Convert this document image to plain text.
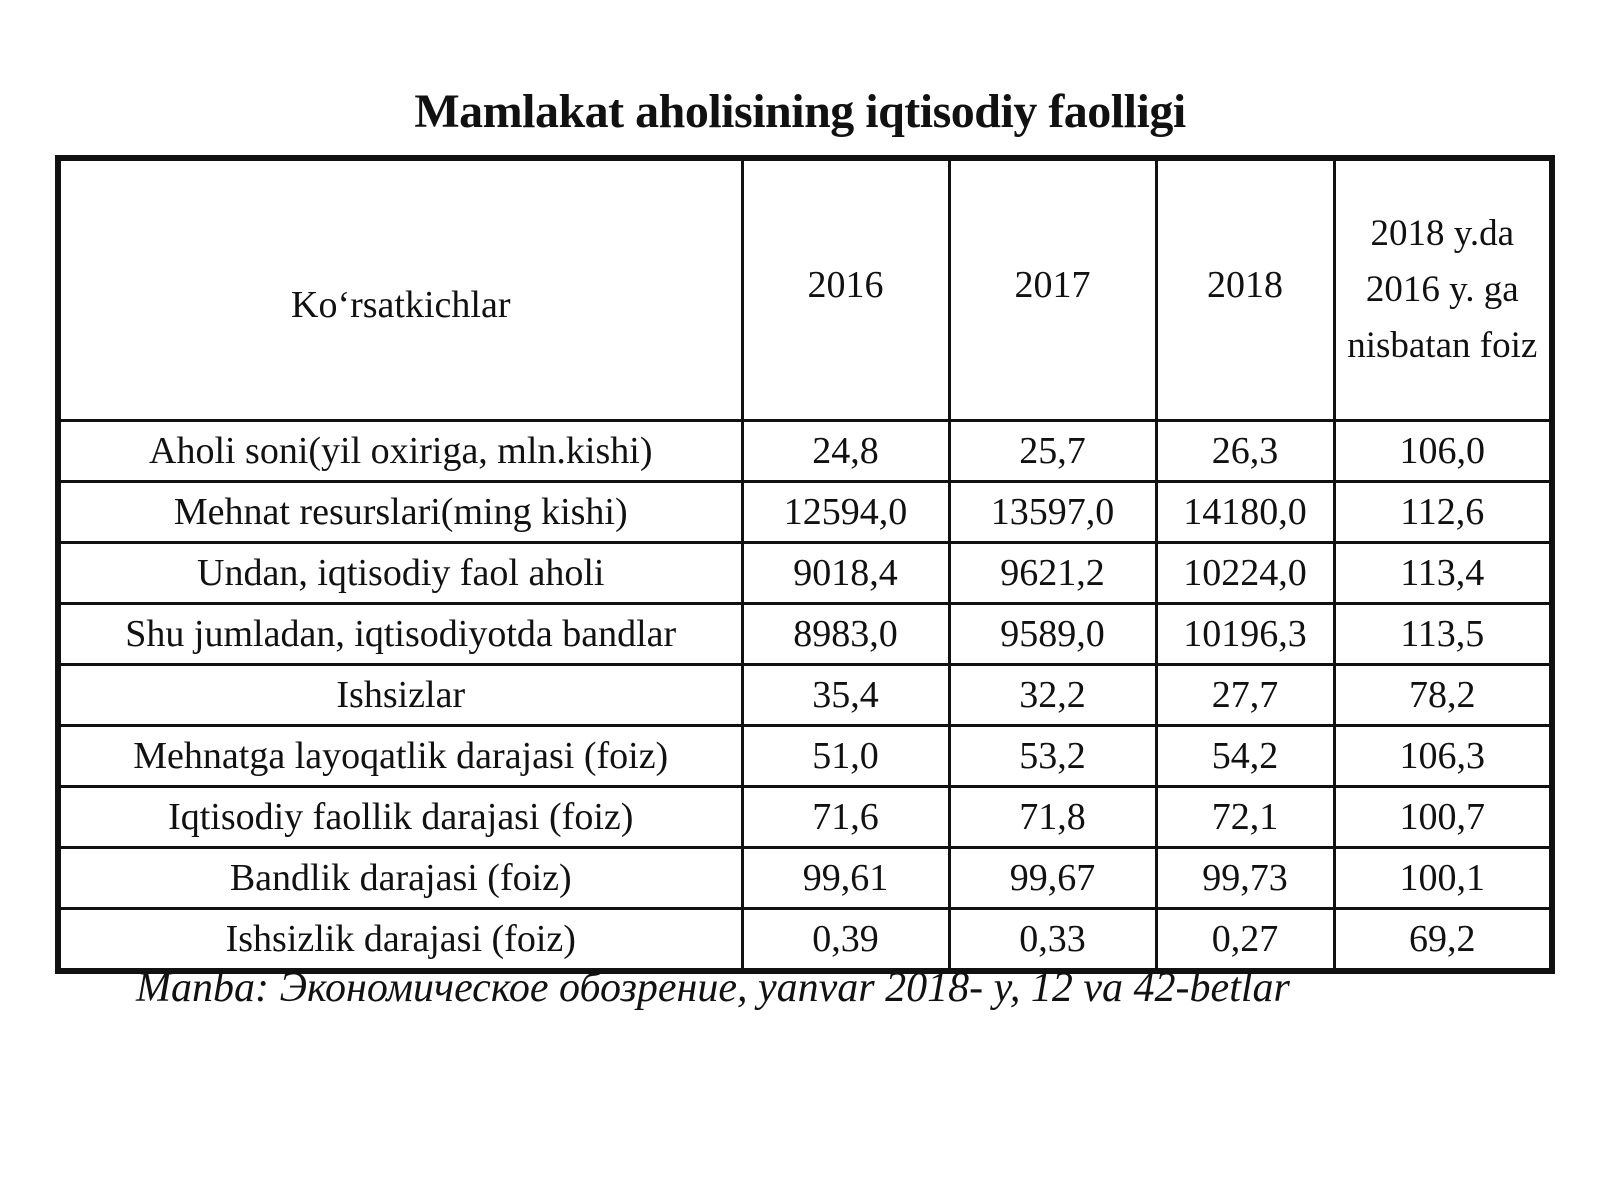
Mamlakat aholisining iqtisodiy faolligi
Ko‘rsatkichlar	2016	2017	2018	2018 y.da 2016 y. ga nisbatan foiz
Aholi soni(yil oxiriga, mln.kishi)	24,8	25,7	26,3	106,0
Mehnat resurslari(ming kishi)	12594,0	13597,0	14180,0	112,6
Undan, iqtisodiy faol aholi	9018,4	9621,2	10224,0	113,4
Shu jumladan, iqtisodiyotda bandlar	8983,0	9589,0	10196,3	113,5
Ishsizlar	35,4	32,2	27,7	78,2
Mehnatga layoqatlik darajasi (foiz)	51,0	53,2	54,2	106,3
Iqtisodiy faollik darajasi (foiz)	71,6	71,8	72,1	100,7
Bandlik darajasi (foiz)	99,61	99,67	99,73	100,1
Ishsizlik darajasi (foiz)	0,39	0,33	0,27	69,2
Manba: Экономическое обозрение, yanvar 2018- y, 12 va 42-betlar
